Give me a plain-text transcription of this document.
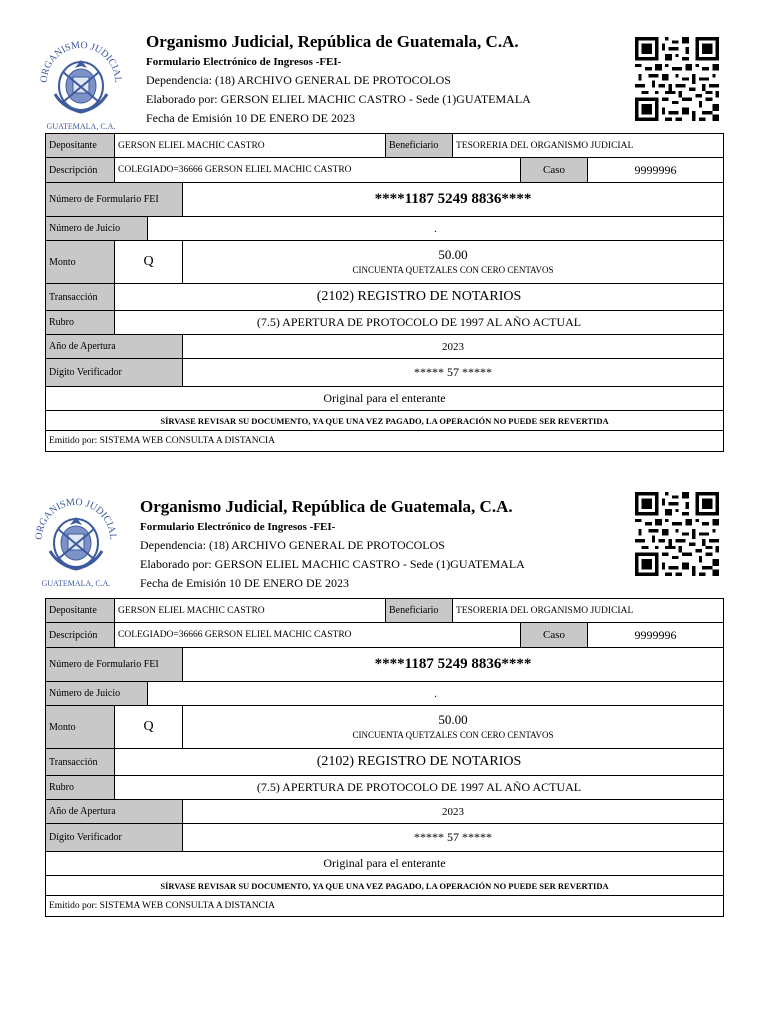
ORGANISMO JUDICIAL
GUATEMALA, C.A.
Organismo Judicial, República de Guatemala, C.A.
Formulario Electrónico de Ingresos -FEI-
Dependencia: (18) ARCHIVO GENERAL DE PROTOCOLOS
Elaborado por: GERSON ELIEL MACHIC CASTRO - Sede (1)GUATEMALA
Fecha de Emisión 10 DE ENERO DE 2023
Depositante	GERSON ELIEL MACHIC CASTRO	Beneficiario	TESORERIA DEL ORGANISMO JUDICIAL
Descripción	COLEGIADO=36666 GERSON ELIEL MACHIC CASTRO	Caso	9999996
Número de Formulario FEI	****1187 5249 8836****
Número de Juicio	.
Monto	Q	50.00
CINCUENTA QUETZALES CON CERO CENTAVOS
Transacción	(2102) REGISTRO DE NOTARIOS
Rubro	(7.5) APERTURA DE PROTOCOLO DE 1997 AL AÑO ACTUAL
Año de Apertura	2023
Dígito Verificador	***** 57 *****
Original para el enterante
SÍRVASE REVISAR SU DOCUMENTO, YA QUE UNA VEZ PAGADO, LA OPERACIÓN NO PUEDE SER REVERTIDA
Emitido por: SISTEMA WEB CONSULTA A DISTANCIA
ORGANISMO JUDICIAL
GUATEMALA, C.A.
Organismo Judicial, República de Guatemala, C.A.
Formulario Electrónico de Ingresos -FEI-
Dependencia: (18) ARCHIVO GENERAL DE PROTOCOLOS
Elaborado por: GERSON ELIEL MACHIC CASTRO - Sede (1)GUATEMALA
Fecha de Emisión 10 DE ENERO DE 2023
Depositante	GERSON ELIEL MACHIC CASTRO	Beneficiario	TESORERIA DEL ORGANISMO JUDICIAL
Descripción	COLEGIADO=36666 GERSON ELIEL MACHIC CASTRO	Caso	9999996
Número de Formulario FEI	****1187 5249 8836****
Número de Juicio	.
Monto	Q	50.00
CINCUENTA QUETZALES CON CERO CENTAVOS
Transacción	(2102) REGISTRO DE NOTARIOS
Rubro	(7.5) APERTURA DE PROTOCOLO DE 1997 AL AÑO ACTUAL
Año de Apertura	2023
Dígito Verificador	***** 57 *****
Original para el enterante
SÍRVASE REVISAR SU DOCUMENTO, YA QUE UNA VEZ PAGADO, LA OPERACIÓN NO PUEDE SER REVERTIDA
Emitido por: SISTEMA WEB CONSULTA A DISTANCIA
